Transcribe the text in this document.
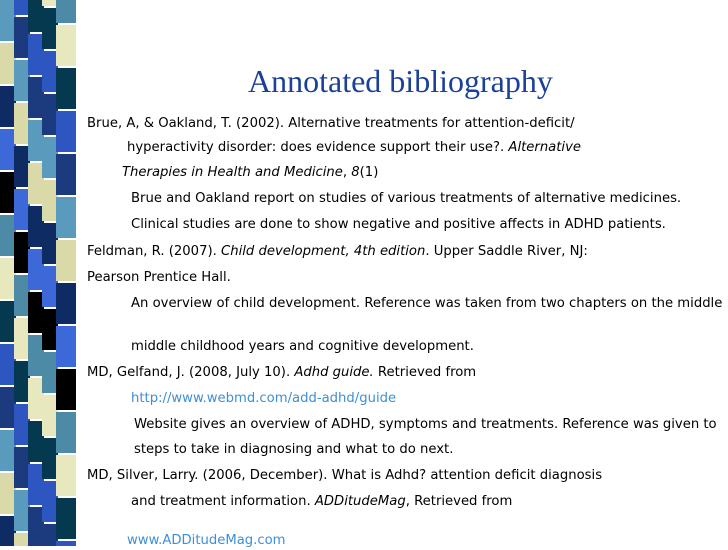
Annotated bibliography
Brue, A, & Oakland, T. (2002). Alternative treatments for attention-deficit/
hyperactivity disorder: does evidence support their use?. Alternative
Therapies in Health and Medicine, 8(1)
Brue and Oakland report on studies of various treatments of alternative medicines.
Clinical studies are done to show negative and positive affects in ADHD patients.
Feldman, R. (2007). Child development, 4th edition. Upper Saddle River, NJ:
Pearson Prentice Hall.
An overview of child development. Reference was taken from two chapters on the middle
middle childhood years and cognitive development.
MD, Gelfand, J. (2008, July 10). Adhd guide. Retrieved from
http://www.webmd.com/add-adhd/guide
Website gives an overview of ADHD, symptoms and treatments. Reference was given to
steps to take in diagnosing and what to do next.
MD, Silver, Larry. (2006, December). What is Adhd? attention deficit diagnosis
and treatment information. ADDitudeMag, Retrieved from
www.ADDitudeMag.com
